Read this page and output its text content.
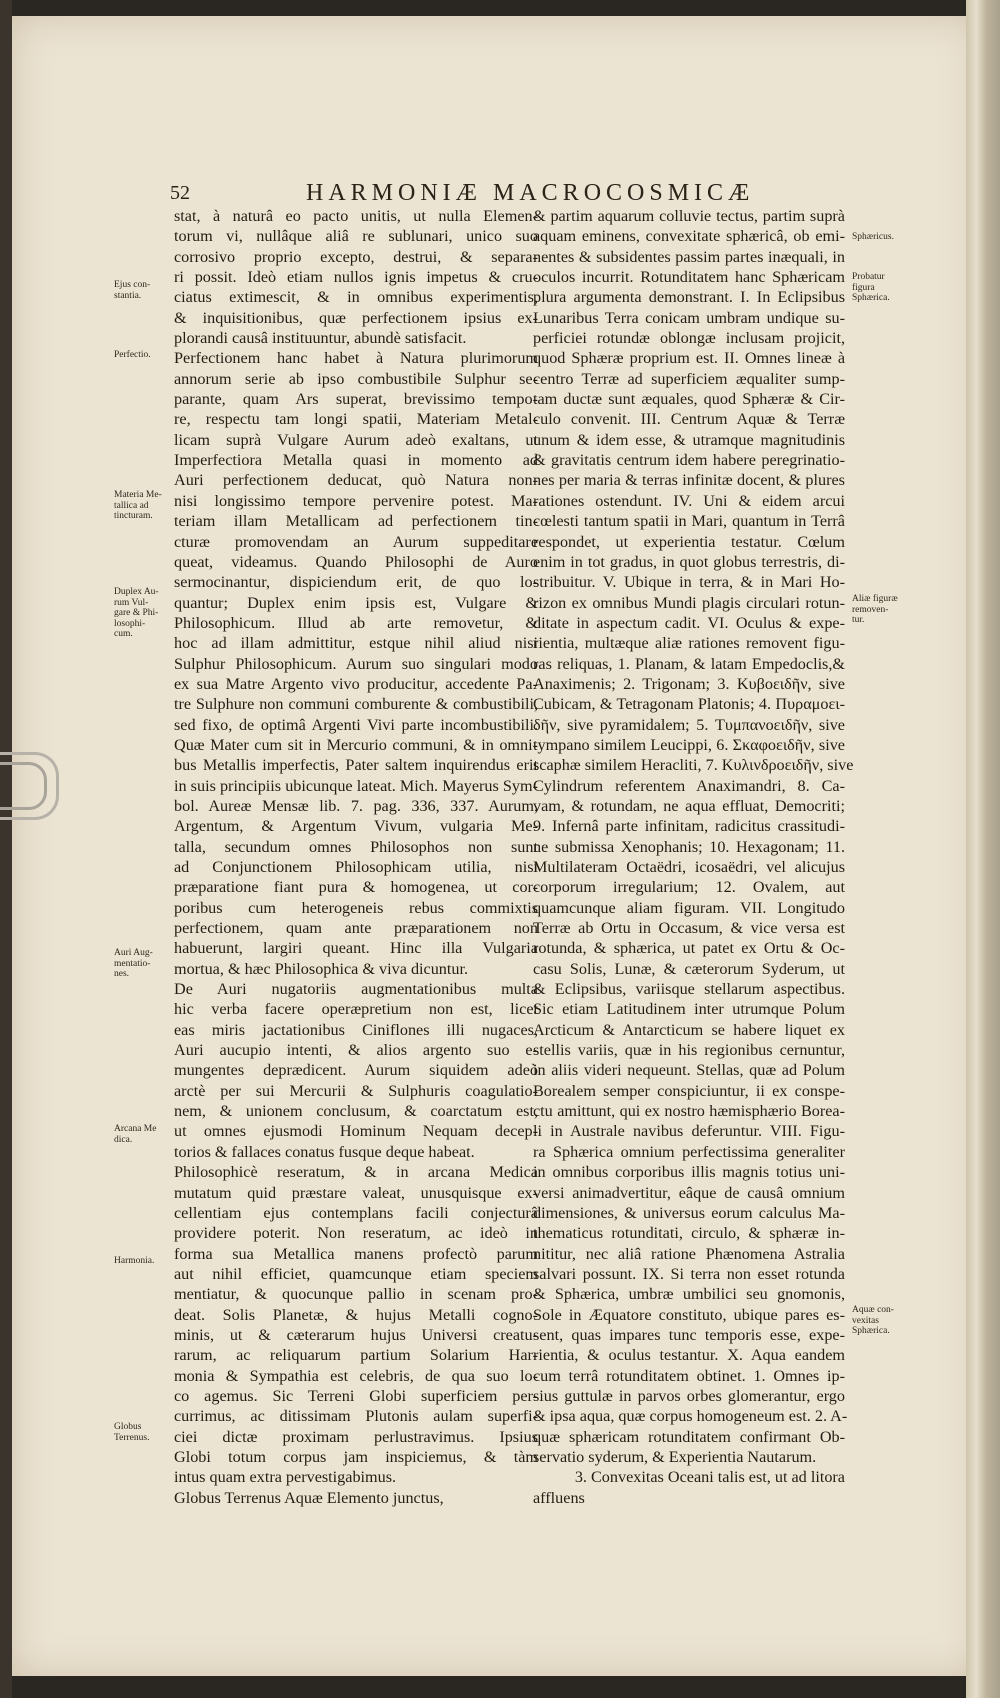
52	HARMONIÆ MACROCOSMICÆ
stat, à naturâ eo pacto unitis, ut nulla Elemen-
torum vi, nullâque aliâ re sublunari, unico suo
corrosivo proprio excepto, destrui, & separa-
ri possit. Ideò etiam nullos ignis impetus & cru-
ciatus extimescit, & in omnibus experimentis,
& inquisitionibus, quæ perfectionem ipsius ex-
plorandi causâ instituuntur, abundè satisfacit.
Perfectionem hanc habet à Natura plurimorum
annorum serie ab ipso combustibile Sulphur se-
parante, quam Ars superat, brevissimo tempo-
re, respectu tam longi spatii, Materiam Metal-
licam suprà Vulgare Aurum adeò exaltans, ut
Imperfectiora Metalla quasi in momento ad
Auri perfectionem deducat, quò Natura non-
nisi longissimo tempore pervenire potest. Ma-
teriam illam Metallicam ad perfectionem tin-
cturæ promovendam an Aurum suppeditare
queat, videamus. Quando Philosophi de Auro
sermocinantur, dispiciendum erit, de quo lo-
quantur; Duplex enim ipsis est, Vulgare &
Philosophicum. Illud ab arte removetur, &
hoc ad illam admittitur, estque nihil aliud nisi
Sulphur Philosophicum. Aurum suo singulari modo
ex sua Matre Argento vivo producitur, accedente Pa-
tre Sulphure non communi comburente & combustibili,
sed fixo, de optimâ Argenti Vivi parte incombustibili.
Quæ Mater cum sit in Mercurio communi, & in omni-
bus Metallis imperfectis, Pater saltem inquirendus erit
in suis principiis ubicunque lateat. Mich. Mayerus Sym-
bol. Aureæ Mensæ lib. 7. pag. 336, 337. Aurum,
Argentum, & Argentum Vivum, vulgaria Me-
talla, secundum omnes Philosophos non sunt
ad Conjunctionem Philosophicam utilia, nisi
præparatione fiant pura & homogenea, ut cor-
poribus cum heterogeneis rebus commixtis
perfectionem, quam ante præparationem non
habuerunt, largiri queant. Hinc illa Vulgaria
mortua, & hæc Philosophica & viva dicuntur.
De Auri nugatoriis augmentationibus multa
hic verba facere operæpretium non est, licet
eas miris jactationibus Ciniflones illi nugaces,
Auri aucupio intenti, & alios argento suo e-
mungentes deprædicent. Aurum siquidem adeò
arctè per sui Mercurii & Sulphuris coagulatio-
nem, & unionem conclusum, & coarctatum est,
ut omnes ejusmodi Hominum Nequam decep-
torios & fallaces conatus fusque deque habeat.
Philosophicè reseratum, & in arcana Medica
mutatum quid præstare valeat, unusquisque ex-
cellentiam ejus contemplans facili conjecturâ
providere poterit. Non reseratum, ac ideò in
forma sua Metallica manens profectò parum
aut nihil efficiet, quamcunque etiam speciem
mentiatur, & quocunque pallio in scenam pro-
deat. Solis Planetæ, & hujus Metalli cogno-
minis, ut & cæterarum hujus Universi creatu-
rarum, ac reliquarum partium Solarium Har-
monia & Sympathia est celebris, de qua suo lo-
co agemus. Sic Terreni Globi superficiem per-
currimus, ac ditissimam Plutonis aulam superfi-
ciei dictæ proximam perlustravimus. Ipsius
Globi totum corpus jam inspiciemus, & tàm
intus quam extra pervestigabimus.
Globus Terrenus Aquæ Elemento junctus,
& partim aquarum colluvie tectus, partim suprà
aquam eminens, convexitate sphæricâ, ob emi-
nentes & subsidentes passim partes inæquali, in
oculos incurrit. Rotunditatem hanc Sphæricam
plura argumenta demonstrant. I. In Eclipsibus
Lunaribus Terra conicam umbram undique su-
perficiei rotundæ oblongæ inclusam projicit,
quod Sphæræ proprium est. II. Omnes lineæ à
centro Terræ ad superficiem æqualiter sump-
tam ductæ sunt æquales, quod Sphæræ & Cir-
culo convenit. III. Centrum Aquæ & Terræ
unum & idem esse, & utramque magnitudinis
& gravitatis centrum idem habere peregrinatio-
nes per maria & terras infinitæ docent, & plures
rationes ostendunt. IV. Uni & eidem arcui
cœlesti tantum spatii in Mari, quantum in Terrâ
respondet, ut experientia testatur. Cœlum
enim in tot gradus, in quot globus terrestris, di-
stribuitur. V. Ubique in terra, & in Mari Ho-
rizon ex omnibus Mundi plagis circulari rotun-
ditate in aspectum cadit. VI. Oculus & expe-
rientia, multæque aliæ rationes removent figu-
ras reliquas, 1. Planam, & latam Empedoclis,&
Anaximenis; 2. Trigonam; 3. Κυβοειδῆν, sive
Cubicam, & Tetragonam Platonis; 4. Πυραμοει-
δῆν, sive pyramidalem; 5. Τυμπανοειδῆν, sive
tympano similem Leucippi, 6. Σκαφοειδῆν, sive
scaphæ similem Heracliti, 7. Κυλινδροειδῆν, sive
Cylindrum referentem Anaximandri, 8. Ca-
vam, & rotundam, ne aqua effluat, Democriti;
9. Infernâ parte infinitam, radicitus crassitudi-
ne submissa Xenophanis; 10. Hexagonam; 11.
Multilateram Octaëdri, icosaëdri, vel alicujus
corporum irregularium; 12. Ovalem, aut
quamcunque aliam figuram. VII. Longitudo
Terræ ab Ortu in Occasum, & vice versa est
rotunda, & sphærica, ut patet ex Ortu & Oc-
casu Solis, Lunæ, & cæterorum Syderum, ut
& Eclipsibus, variisque stellarum aspectibus.
Sic etiam Latitudinem inter utrumque Polum
Arcticum & Antarcticum se habere liquet ex
stellis variis, quæ in his regionibus cernuntur,
in aliis videri nequeunt. Stellas, quæ ad Polum
Borealem semper conspiciuntur, ii ex conspe-
ctu amittunt, qui ex nostro hæmisphærio Borea-
li in Australe navibus deferuntur. VIII. Figu-
ra Sphærica omnium perfectissima generaliter
in omnibus corporibus illis magnis totius uni-
versi animadvertitur, eâque de causâ omnium
dimensiones, & universus eorum calculus Ma-
thematicus rotunditati, circulo, & sphæræ in-
nititur, nec aliâ ratione Phænomena Astralia
salvari possunt. IX. Si terra non esset rotunda
& Sphærica, umbræ umbilici seu gnomonis,
Sole in Æquatore constituto, ubique pares es-
sent, quas impares tunc temporis esse, expe-
rientia, & oculus testantur. X. Aqua eandem
cum terrâ rotunditatem obtinet. 1. Omnes ip-
sius guttulæ in parvos orbes glomerantur, ergo
& ipsa aqua, quæ corpus homogeneum est. 2. A-
quæ sphæricam rotunditatem confirmant Ob-
servatio syderum, & Experientia Nautarum.
3. Convexitas Oceani talis est, ut ad litora
affluens
Ejus con-
stantia.
Perfectio.
Materia Me-
tallica ad
tincturam.
Duplex Au-
rum Vul-
gare & Phi-
losophi-
cum.
Auri Aug-
mentatio-
nes.
Arcana Me
dica.
Harmonia.
Globus
Terrenus.
Sphæricus.
Probatur
figura
Sphærica.
Aliæ figuræ
removen-
tur.
Aquæ con-
vexitas
Sphærica.
